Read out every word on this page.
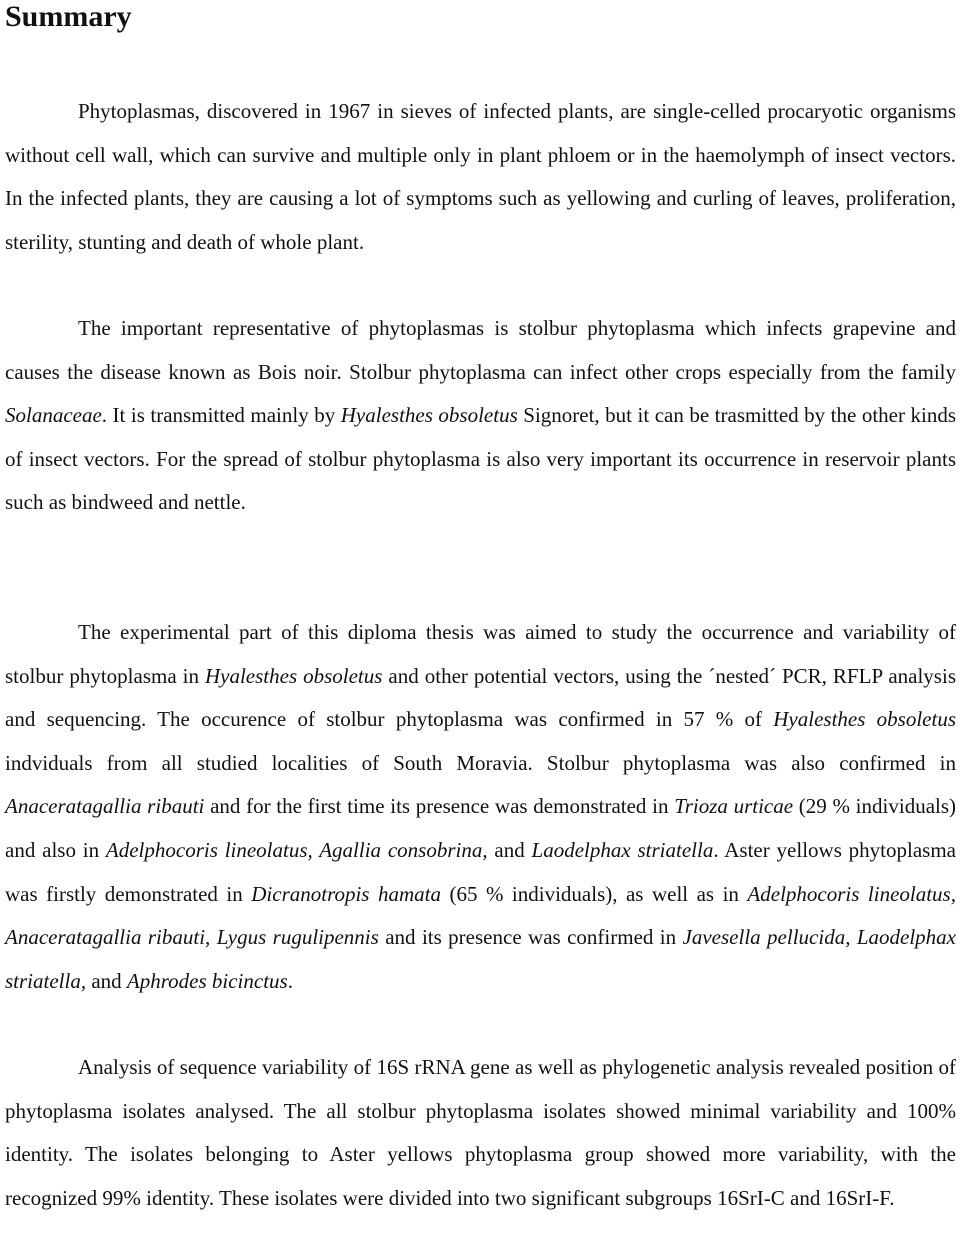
Summary

Phytoplasmas, discovered in 1967 in sieves of infected plants, are single-celled procaryotic organisms without cell wall, which can survive and multiple only in plant phloem or in the haemolymph of insect vectors. In the infected plants, they are causing a lot of symptoms such as yellowing and curling of leaves, proliferation, sterility, stunting and death of whole plant.

The important representative of phytoplasmas is stolbur phytoplasma which infects grapevine and causes the disease known as Bois noir. Stolbur phytoplasma can infect other crops especially from the family Solanaceae. It is transmitted mainly by Hyalesthes obsoletus Signoret, but it can be trasmitted by the other kinds of insect vectors. For the spread of stolbur phytoplasma is also very important its occurrence in reservoir plants such as bindweed and nettle.

The experimental part of this diploma thesis was aimed to study the occurrence and variability of stolbur phytoplasma in Hyalesthes obsoletus and other potential vectors, using the ´nested´ PCR, RFLP analysis and sequencing. The occurence of stolbur phytoplasma was confirmed in 57 % of Hyalesthes obsoletus indviduals from all studied localities of South Moravia. Stolbur phytoplasma was also confirmed in Anaceratagallia ribauti and for the first time its presence was demonstrated in Trioza urticae (29 % individuals) and also in Adelphocoris lineolatus, Agallia consobrina, and Laodelphax striatella. Aster yellows phytoplasma was firstly demonstrated in Dicranotropis hamata (65 % individuals), as well as in Adelphocoris lineolatus, Anaceratagallia ribauti, Lygus rugulipennis and its presence was confirmed in Javesella pellucida, Laodelphax striatella, and Aphrodes bicinctus.

Analysis of sequence variability of 16S rRNA gene as well as phylogenetic analysis revealed position of phytoplasma isolates analysed. The all stolbur phytoplasma isolates showed minimal variability and 100% identity. The isolates belonging to Aster yellows phytoplasma group showed more variability, with the recognized 99% identity. These isolates were divided into two significant subgroups 16SrI-C and 16SrI-F.
